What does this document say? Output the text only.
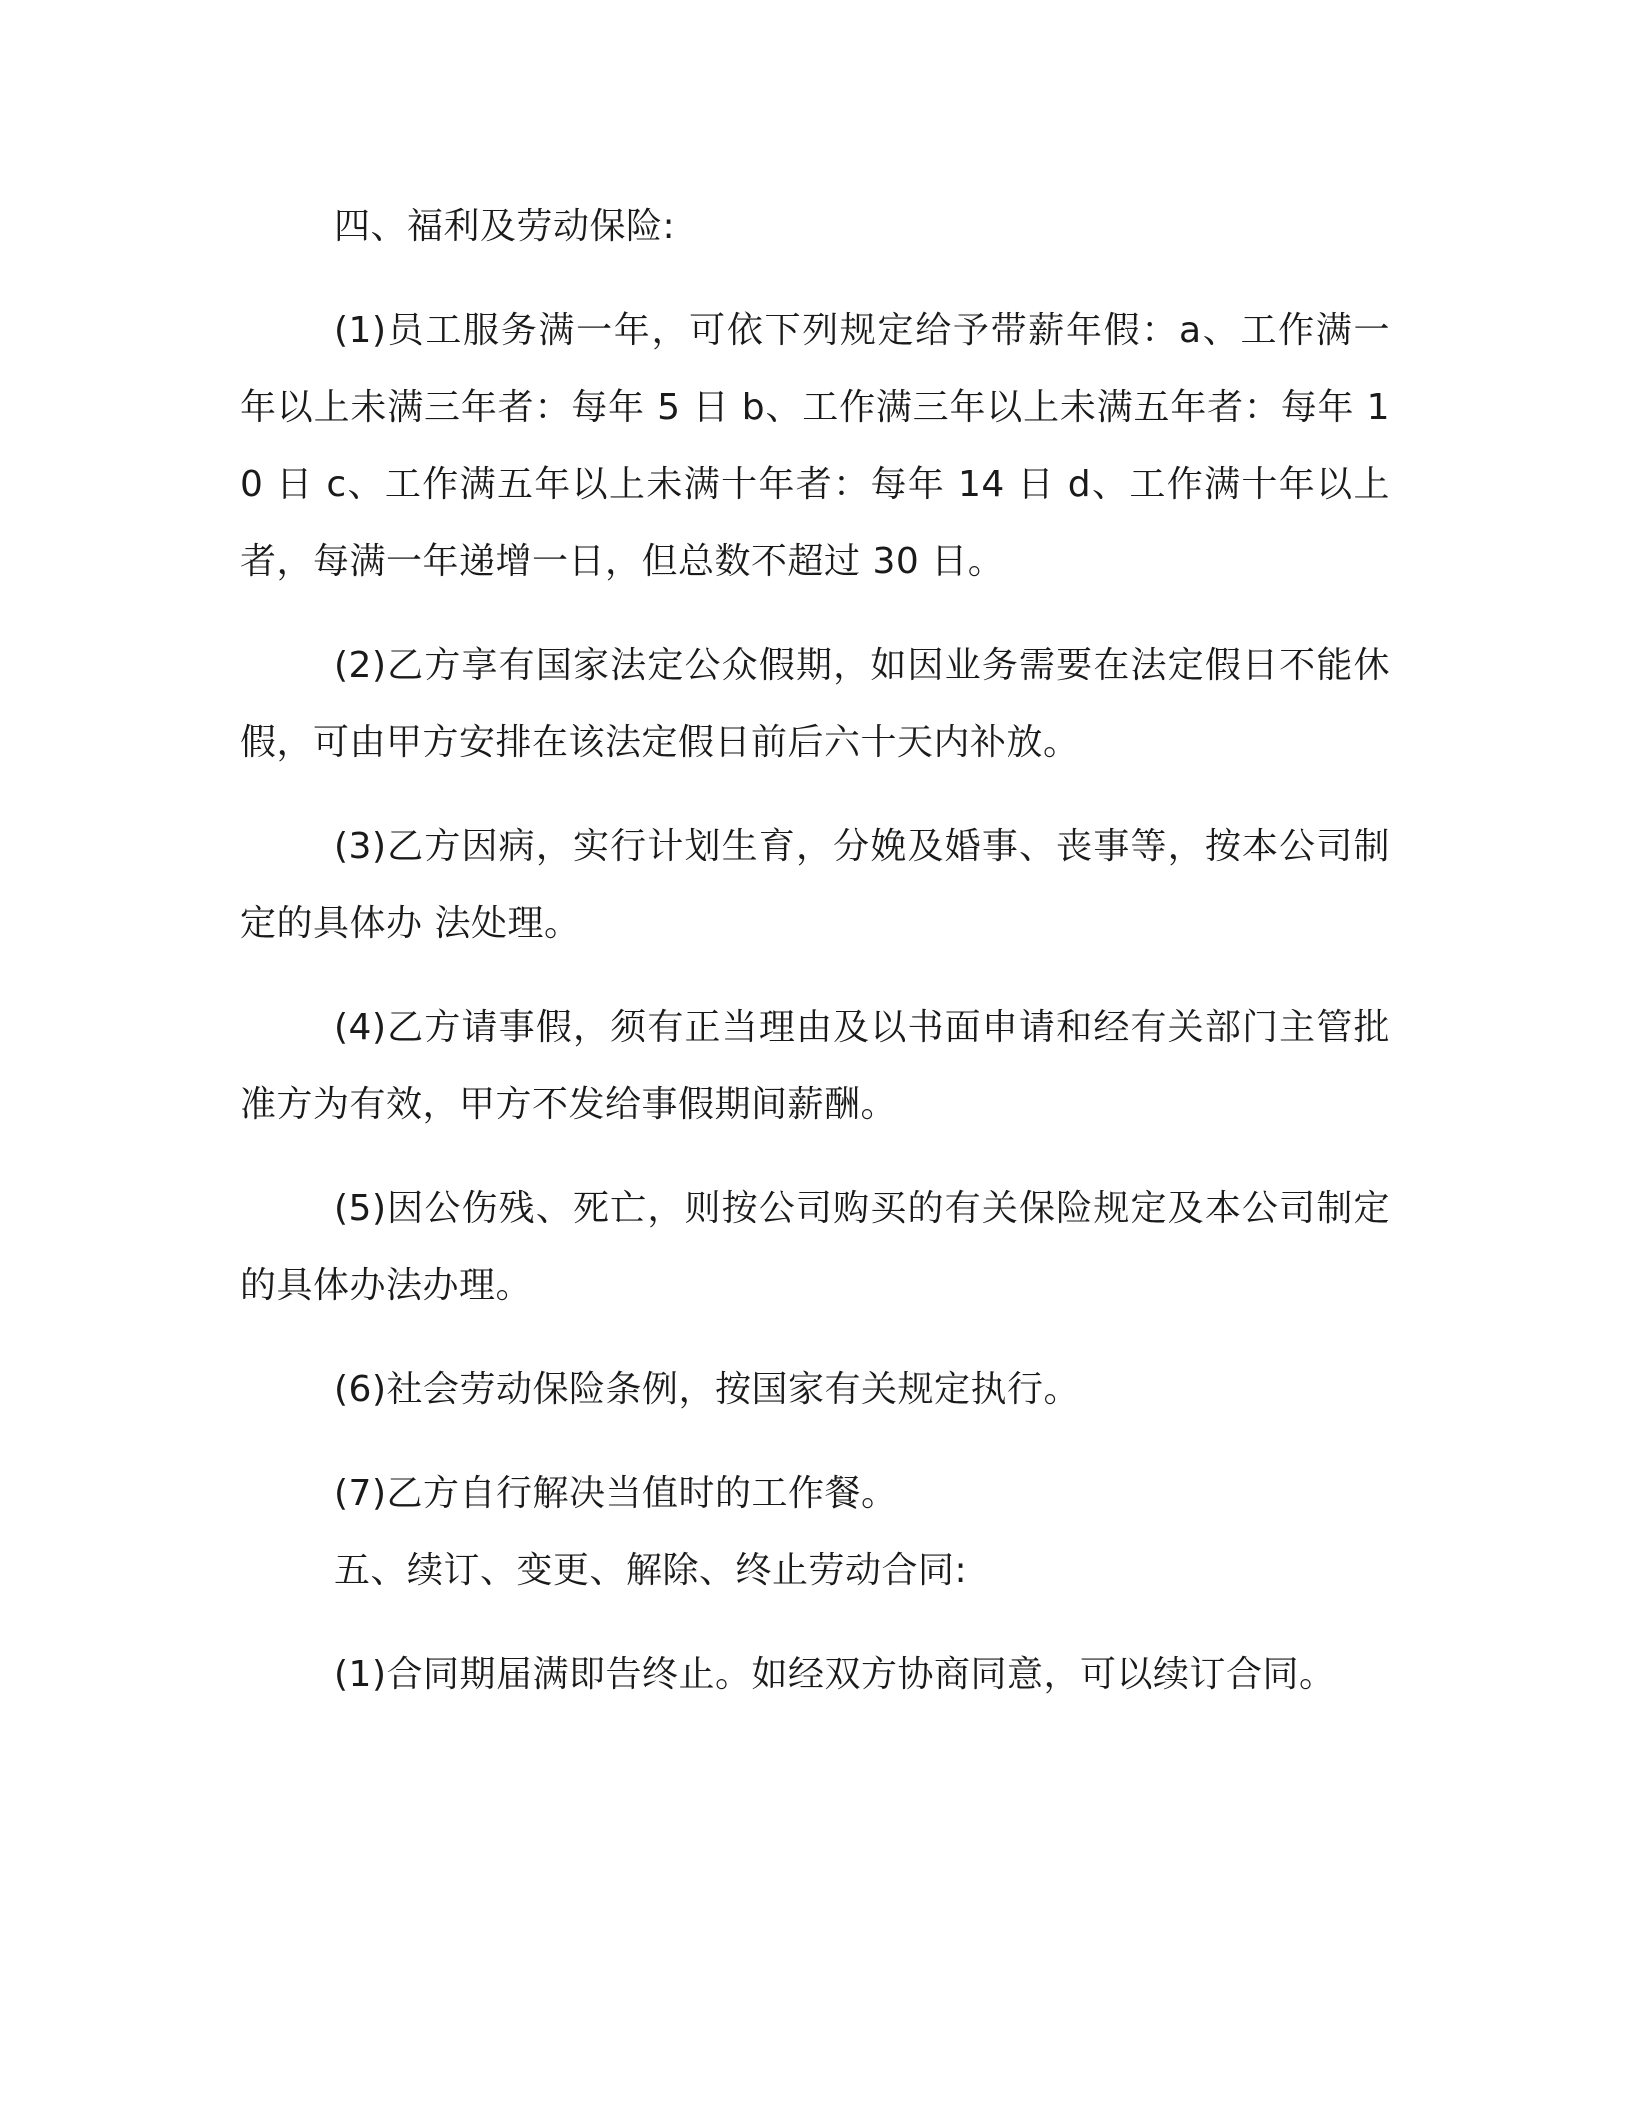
四、福利及劳动保险:

(1)员工服务满一年，可依下列规定给予带薪年假：a、工作满一年以上未满三年者：每年 5 日 b、工作满三年以上未满五年者：每年 10 日 c、工作满五年以上未满十年者：每年 14 日 d、工作满十年以上者，每满一年递增一日，但总数不超过 30 日。

(2)乙方享有国家法定公众假期，如因业务需要在法定假日不能休假，可由甲方安排在该法定假日前后六十天内补放。

(3)乙方因病，实行计划生育，分娩及婚事、丧事等，按本公司制定的具体办 法处理。

(4)乙方请事假，须有正当理由及以书面申请和经有关部门主管批准方为有效，甲方不发给事假期间薪酬。

(5)因公伤残、死亡，则按公司购买的有关保险规定及本公司制定的具体办法办理。

(6)社会劳动保险条例，按国家有关规定执行。

(7)乙方自行解决当值时的工作餐。

五、续订、变更、解除、终止劳动合同:

(1)合同期届满即告终止。如经双方协商同意，可以续订合同。
